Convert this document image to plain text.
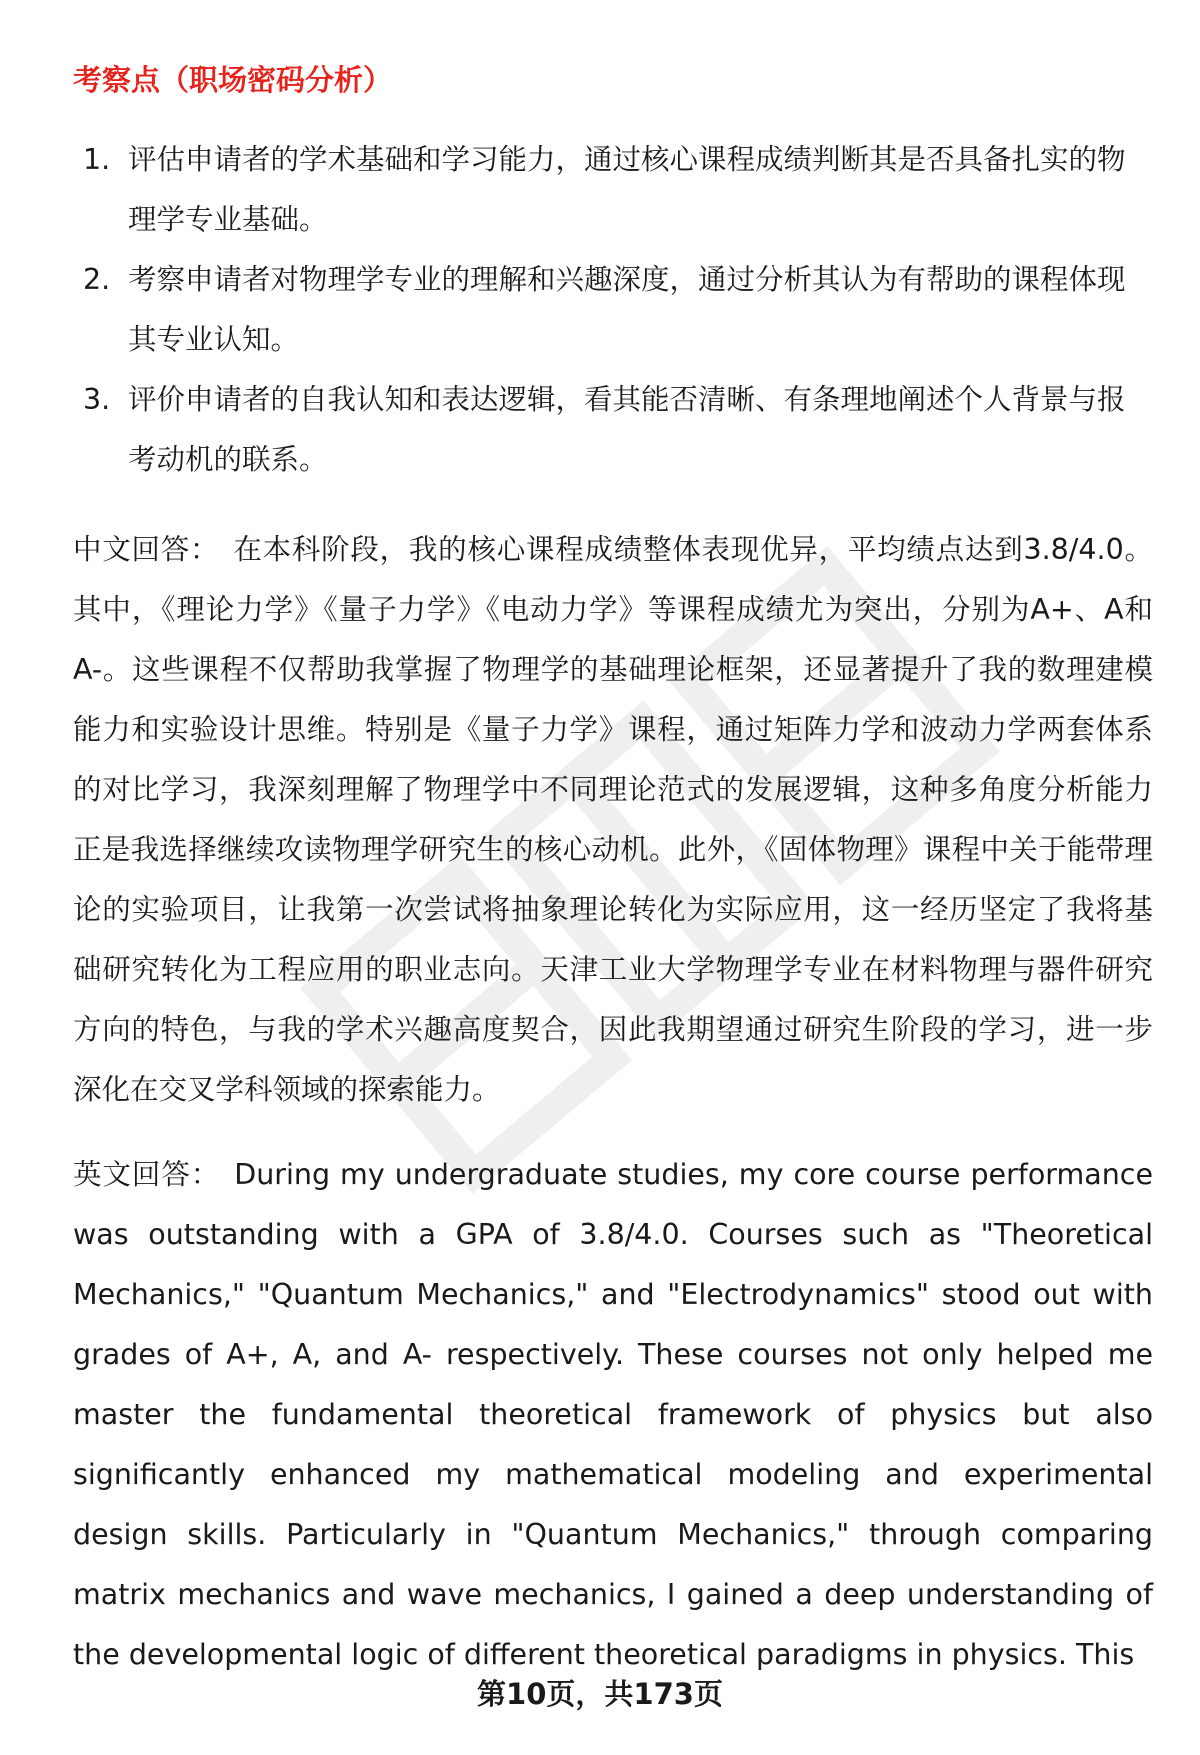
考察点（职场密码分析）
1. 评估申请者的学术基础和学习能力，通过核心课程成绩判断其是否具备扎实的物理学专业基础。
2. 考察申请者对物理学专业的理解和兴趣深度，通过分析其认为有帮助的课程体现其专业认知。
3. 评价申请者的自我认知和表达逻辑，看其能否清晰、有条理地阐述个人背景与报考动机的联系。

中文回答： 在本科阶段，我的核心课程成绩整体表现优异，平均绩点达到3.8/4.0。其中，《理论力学》《量子力学》《电动力学》等课程成绩尤为突出，分别为A+、A和A-。这些课程不仅帮助我掌握了物理学的基础理论框架，还显著提升了我的数理建模能力和实验设计思维。特别是《量子力学》课程，通过矩阵力学和波动力学两套体系的对比学习，我深刻理解了物理学中不同理论范式的发展逻辑，这种多角度分析能力正是我选择继续攻读物理学研究生的核心动机。此外，《固体物理》课程中关于能带理论的实验项目，让我第一次尝试将抽象理论转化为实际应用，这一经历坚定了我将基础研究转化为工程应用的职业志向。天津工业大学物理学专业在材料物理与器件研究方向的特色，与我的学术兴趣高度契合，因此我期望通过研究生阶段的学习，进一步深化在交叉学科领域的探索能力。

英文回答： During my undergraduate studies, my core course performance was outstanding with a GPA of 3.8/4.0. Courses such as "Theoretical Mechanics," "Quantum Mechanics," and "Electrodynamics" stood out with grades of A+, A, and A- respectively. These courses not only helped me master the fundamental theoretical framework of physics but also significantly enhanced my mathematical modeling and experimental design skills. Particularly in "Quantum Mechanics," through comparing matrix mechanics and wave mechanics, I gained a deep understanding of the developmental logic of different theoretical paradigms in physics. This

第10页，共173页
